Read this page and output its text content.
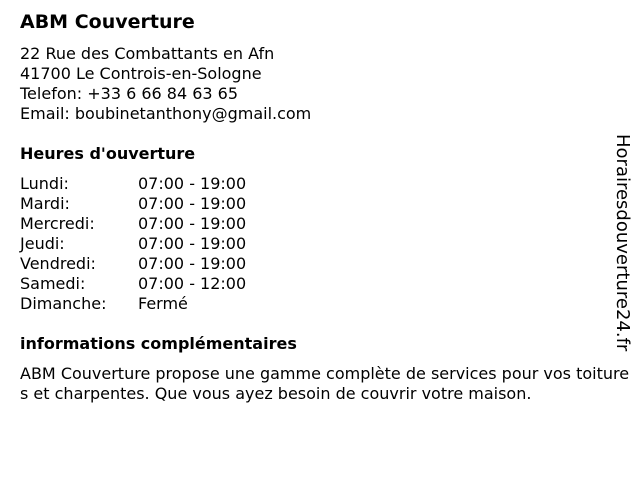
ABM Couverture
22 Rue des Combattants en Afn
41700 Le Controis-en-Sologne
Telefon: +33 6 66 84 63 65
Email: boubinetanthony@gmail.com
Heures d'ouverture
Lundi:	07:00 - 19:00
Mardi:	07:00 - 19:00
Mercredi:	07:00 - 19:00
Jeudi:	07:00 - 19:00
Vendredi:	07:00 - 19:00
Samedi:	07:00 - 12:00
Dimanche:	Fermé
informations complémentaires
ABM Couverture propose une gamme complète de services pour vos toitures et charpentes. Que vous ayez besoin de couvrir votre maison.
Horairesdouverture24.fr
